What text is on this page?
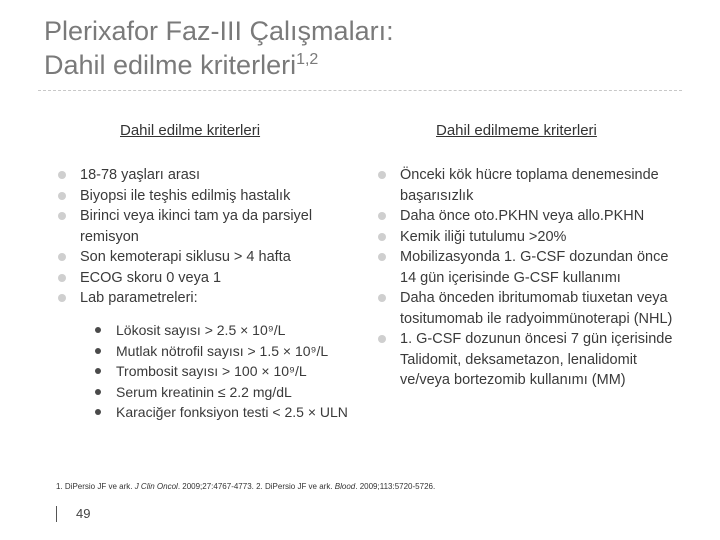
Plerixafor Faz-III Çalışmaları:
Dahil edilme kriterleri$^{1,2}$
Dahil edilme kriterleri
18-78 yaşları arası
Biyopsi ile teşhis edilmiş hastalık
Birinci veya ikinci tam ya da parsiyel remisyon
Son kemoterapi siklusu > 4 hafta
ECOG skoru 0 veya 1
Lab parametreleri:
Lökosit sayısı > 2.5 × 10⁹/L
Mutlak nötrofil sayısı > 1.5 × 10⁹/L
Trombosit sayısı > 100 × 10⁹/L
Serum kreatinin ≤ 2.2 mg/dL
Karaciğer fonksiyon testi < 2.5 × ULN
Dahil edilmeme kriterleri
Önceki kök hücre toplama denemesinde başarısızlık
Daha önce oto.PKHN veya allo.PKHN
Kemik iliği tutulumu >20%
Mobilizasyonda 1. G-CSF dozundan önce 14 gün içerisinde G-CSF kullanımı
Daha önceden ibritumomab tiuxetan veya tositumomab ile radyoimmünoterapi (NHL)
1. G-CSF dozunun öncesi 7 gün içerisinde Talidomit, deksametazon, lenalidomit ve/veya bortezomib kullanımı (MM)
1. DiPersio JF ve ark. J Clin Oncol. 2009;27:4767-4773. 2. DiPersio JF ve ark. Blood. 2009;113:5720-5726.
49
